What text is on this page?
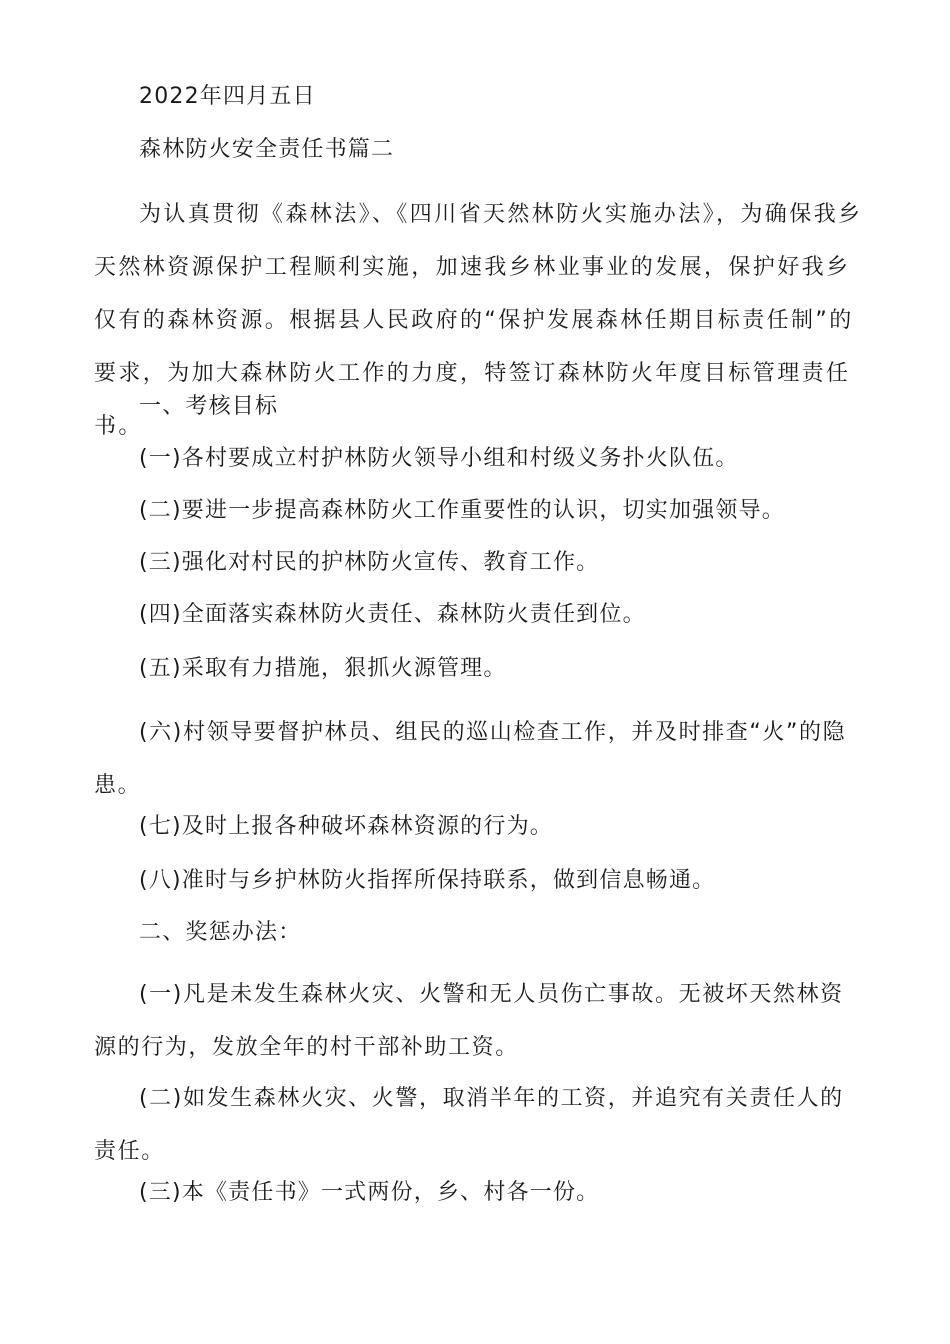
2022年四月五日
森林防火安全责任书篇二
为认真贯彻《森林法》、《四川省天然林防火实施办法》，为确保我乡天然林资源保护工程顺利实施，加速我乡林业事业的发展，保护好我乡仅有的森林资源。根据县人民政府的“保护发展森林任期目标责任制”的要求，为加大森林防火工作的力度，特签订森林防火年度目标管理责任书。
一、考核目标
(一)各村要成立村护林防火领导小组和村级义务扑火队伍。
(二)要进一步提高森林防火工作重要性的认识，切实加强领导。
(三)强化对村民的护林防火宣传、教育工作。
(四)全面落实森林防火责任、森林防火责任到位。
(五)采取有力措施，狠抓火源管理。
(六)村领导要督护林员、组民的巡山检查工作，并及时排查“火”的隐患。
(七)及时上报各种破坏森林资源的行为。
(八)准时与乡护林防火指挥所保持联系，做到信息畅通。
二、奖惩办法：
(一)凡是未发生森林火灾、火警和无人员伤亡事故。无被坏天然林资源的行为，发放全年的村干部补助工资。
(二)如发生森林火灾、火警，取消半年的工资，并追究有关责任人的责任。
(三)本《责任书》一式两份，乡、村各一份。
